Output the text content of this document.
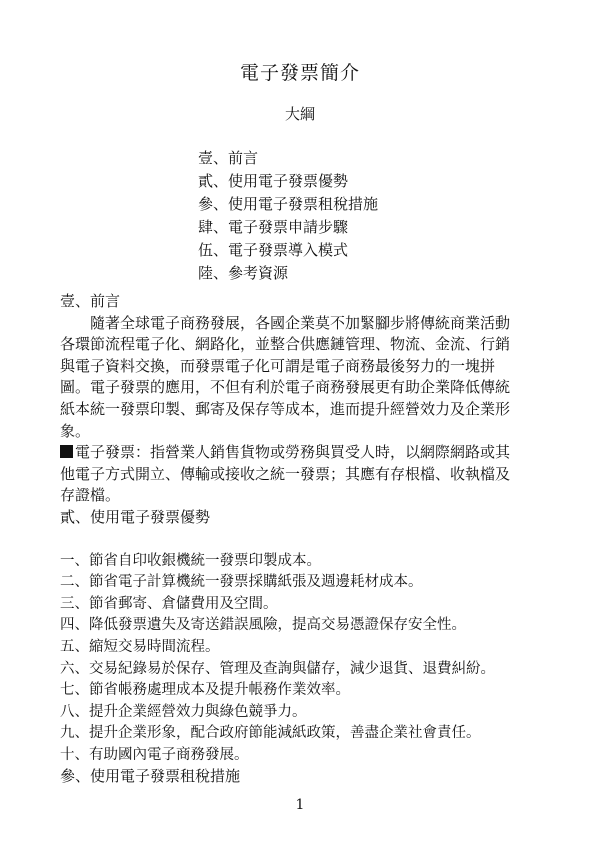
電子發票簡介
大綱
壹、前言
貳、使用電子發票優勢
參、使用電子發票租稅措施
肆、電子發票申請步驟
伍、電子發票導入模式
陸、參考資源
壹、前言
隨著全球電子商務發展，各國企業莫不加緊腳步將傳統商業活動
各環節流程電子化、網路化，並整合供應鏈管理、物流、金流、行銷
與電子資料交換，而發票電子化可謂是電子商務最後努力的一塊拼
圖。電子發票的應用，不但有利於電子商務發展更有助企業降低傳統
紙本統一發票印製、郵寄及保存等成本，進而提升經營效力及企業形
象。
電子發票：指營業人銷售貨物或勞務與買受人時，以網際網路或其
他電子方式開立、傳輸或接收之統一發票；其應有存根檔、收執檔及
存證檔。
貳、使用電子發票優勢
一、節省自印收銀機統一發票印製成本。
二、節省電子計算機統一發票採購紙張及週邊耗材成本。
三、節省郵寄、倉儲費用及空間。
四、降低發票遺失及寄送錯誤風險，提高交易憑證保存安全性。
五、縮短交易時間流程。
六、交易紀錄易於保存、管理及查詢與儲存，減少退貨、退費糾紛。
七、節省帳務處理成本及提升帳務作業效率。
八、提升企業經營效力與綠色競爭力。
九、提升企業形象，配合政府節能減紙政策，善盡企業社會責任。
十、有助國內電子商務發展。
參、使用電子發票租稅措施
1
